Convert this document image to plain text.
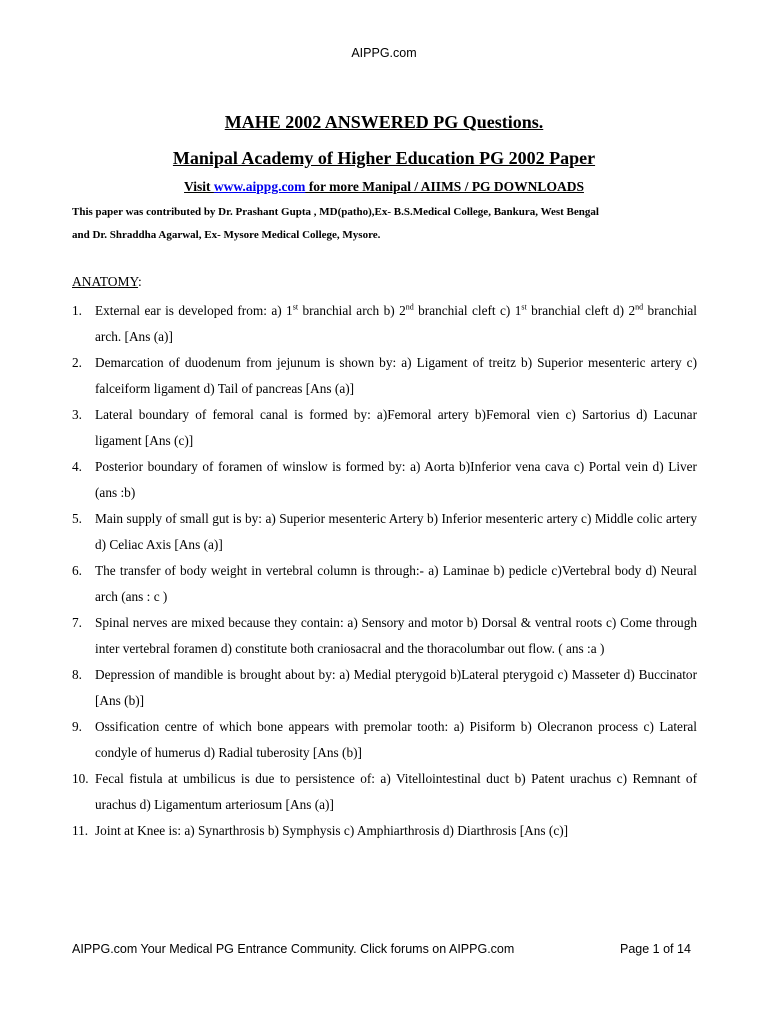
AIPPG.com
MAHE 2002 ANSWERED PG Questions.
Manipal Academy of Higher Education PG 2002 Paper
Visit www.aippg.com for more Manipal / AIIMS / PG DOWNLOADS
This paper was contributed by Dr. Prashant Gupta , MD(patho),Ex- B.S.Medical College, Bankura, West Bengal
and Dr. Shraddha Agarwal, Ex- Mysore Medical College, Mysore.
ANATOMY:
1. External ear is developed from: a) 1st branchial arch b) 2nd branchial cleft c) 1st branchial cleft d) 2nd branchial arch. [Ans (a)]
2. Demarcation of duodenum from jejunum is shown by: a) Ligament of treitz b) Superior mesenteric artery c) falceiform ligament d) Tail of pancreas [Ans (a)]
3. Lateral boundary of femoral canal is formed by: a)Femoral artery b)Femoral vien c) Sartorius d) Lacunar ligament [Ans (c)]
4. Posterior boundary of foramen of winslow is formed by: a) Aorta b)Inferior vena cava c) Portal vein d) Liver (ans :b)
5. Main supply of small gut is by: a) Superior mesenteric Artery b) Inferior mesenteric artery c) Middle colic artery d) Celiac Axis [Ans (a)]
6. The transfer of body weight in vertebral column is through:- a) Laminae b) pedicle c)Vertebral body d) Neural arch (ans : c )
7. Spinal nerves are mixed because they contain: a) Sensory and motor b) Dorsal & ventral roots c) Come through inter vertebral foramen d) constitute both craniosacral and the thoracolumbar out flow. ( ans :a )
8. Depression of mandible is brought about by: a) Medial pterygoid b)Lateral pterygoid c) Masseter d) Buccinator [Ans (b)]
9. Ossification centre of which bone appears with premolar tooth: a) Pisiform b) Olecranon process c) Lateral condyle of humerus d) Radial tuberosity [Ans (b)]
10. Fecal fistula at umbilicus is due to persistence of: a) Vitellointestinal duct b) Patent urachus c) Remnant of urachus d) Ligamentum arteriosum [Ans (a)]
11. Joint at Knee is: a) Synarthrosis b) Symphysis c) Amphiarthrosis d) Diarthrosis [Ans (c)]
AIPPG.com Your Medical PG Entrance Community. Click forums on AIPPG.com	Page 1 of 14
